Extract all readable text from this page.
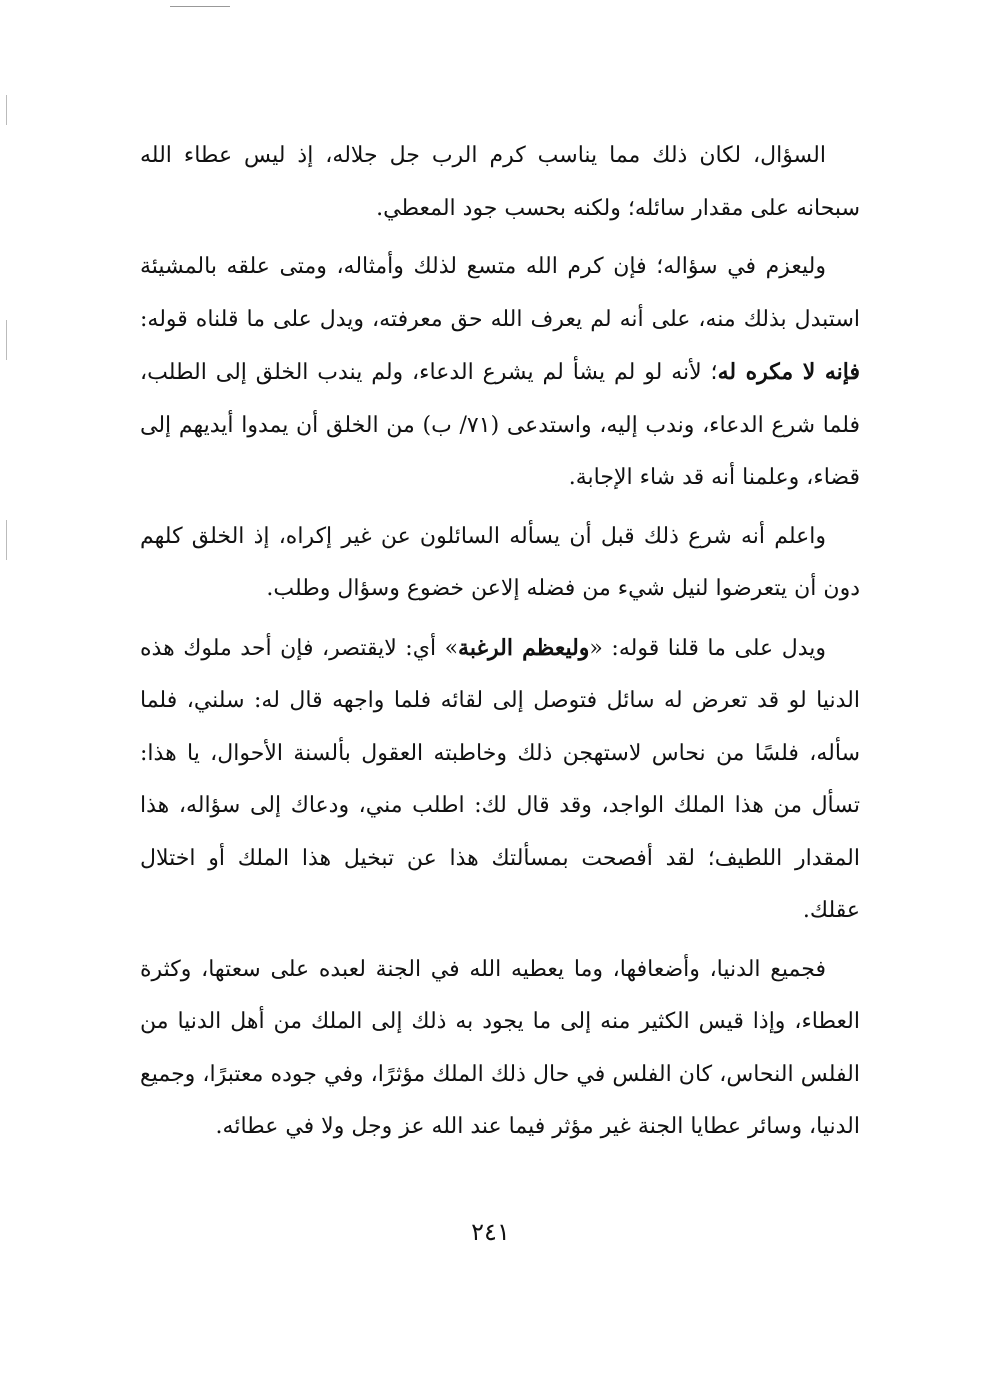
السؤال، لكان ذلك مما يناسب كرم الرب جل جلاله، إذ ليس عطاء الله سبحانه على مقدار سائله؛ ولكنه بحسب جود المعطي.

وليعزم في سؤاله؛ فإن كرم الله متسع لذلك وأمثاله، ومتى علقه بالمشيئة استبدل بذلك منه، على أنه لم يعرف الله حق معرفته، ويدل على ما قلناه قوله: فإنه لا مكره له؛ لأنه لو لم يشأ لم يشرع الدعاء، ولم يندب الخلق إلى الطلب، فلما شرع الدعاء، وندب إليه، واستدعى (٧١/ ب) من الخلق أن يمدوا أيديهم إلى قضاء، وعلمنا أنه قد شاء الإجابة.

واعلم أنه شرع ذلك قبل أن يسأله السائلون عن غير إكراه، إذ الخلق كلهم دون أن يتعرضوا لنيل شيء من فضله إلاعن خضوع وسؤال وطلب.

ويدل على ما قلنا قوله: «وليعظم الرغبة» أي: لايقتصر، فإن أحد ملوك هذه الدنيا لو قد تعرض له سائل فتوصل إلى لقائه فلما واجهه قال له: سلني، فلما سأله، فلسًا من نحاس لاستهجن ذلك وخاطبته العقول بألسنة الأحوال، يا هذا: تسأل من هذا الملك الواجد، وقد قال لك: اطلب مني، ودعاك إلى سؤاله، هذا المقدار اللطيف؛ لقد أفصحت بمسألتك هذا عن تبخيل هذا الملك أو اختلال عقلك.

فجميع الدنيا، وأضعافها، وما يعطيه الله في الجنة لعبده على سعتها، وكثرة العطاء، وإذا قيس الكثير منه إلى ما يجود به ذلك إلى الملك من أهل الدنيا من الفلس النحاس، كان الفلس في حال ذلك الملك مؤثرًا، وفي جوده معتبرًا، وجميع الدنيا، وسائر عطايا الجنة غير مؤثر فيما عند الله عز وجل ولا في عطائه.

٢٤١
